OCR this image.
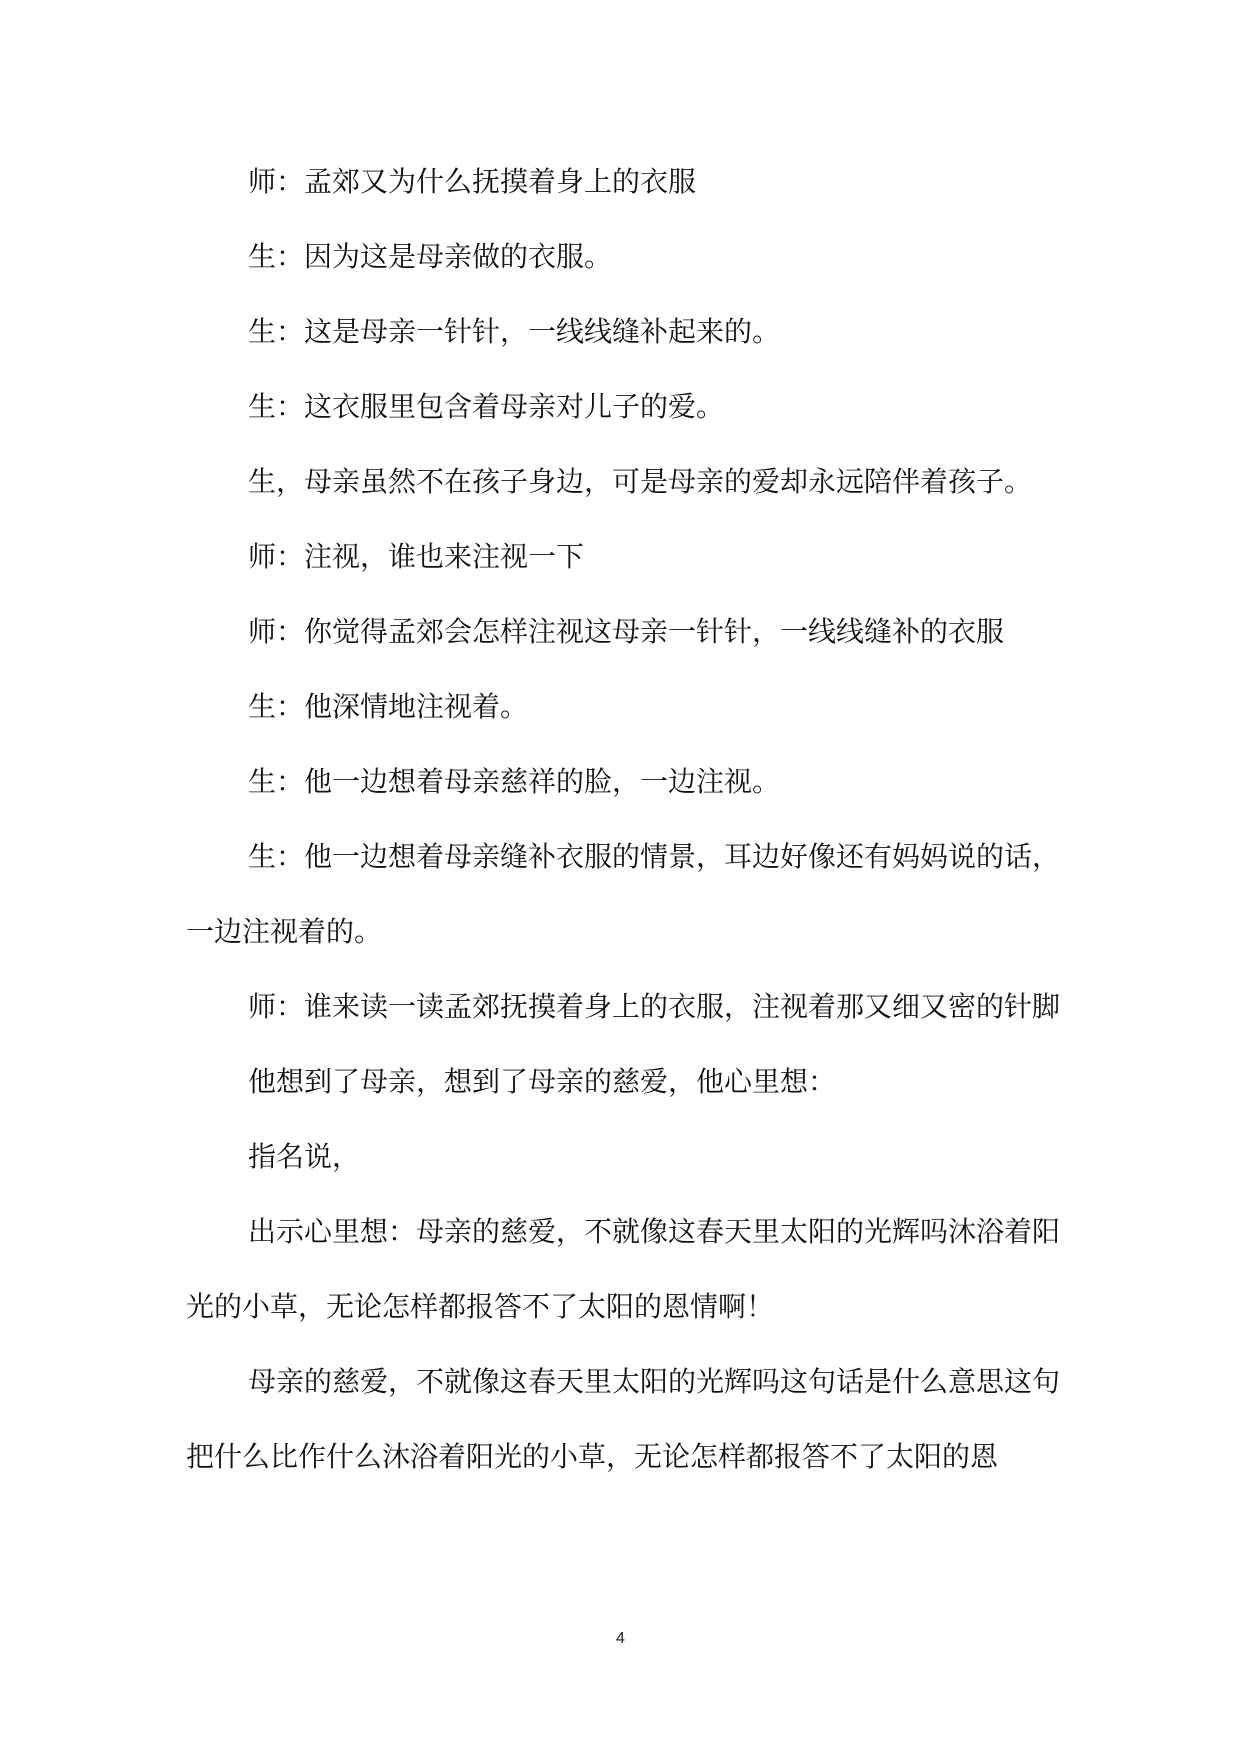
师：孟郊又为什么抚摸着身上的衣服

生：因为这是母亲做的衣服。

生：这是母亲一针针，一线线缝补起来的。

生：这衣服里包含着母亲对儿子的爱。

生，母亲虽然不在孩子身边，可是母亲的爱却永远陪伴着孩子。

师：注视，谁也来注视一下

师：你觉得孟郊会怎样注视这母亲一针针，一线线缝补的衣服

生：他深情地注视着。

生：他一边想着母亲慈祥的脸，一边注视。

生：他一边想着母亲缝补衣服的情景，耳边好像还有妈妈说的话，一边注视着的。

师：谁来读一读孟郊抚摸着身上的衣服，注视着那又细又密的针脚

他想到了母亲，想到了母亲的慈爱，他心里想：

指名说，

出示心里想：母亲的慈爱，不就像这春天里太阳的光辉吗沐浴着阳光的小草，无论怎样都报答不了太阳的恩情啊！

母亲的慈爱，不就像这春天里太阳的光辉吗这句话是什么意思这句把什么比作什么沐浴着阳光的小草，无论怎样都报答不了太阳的恩

4
